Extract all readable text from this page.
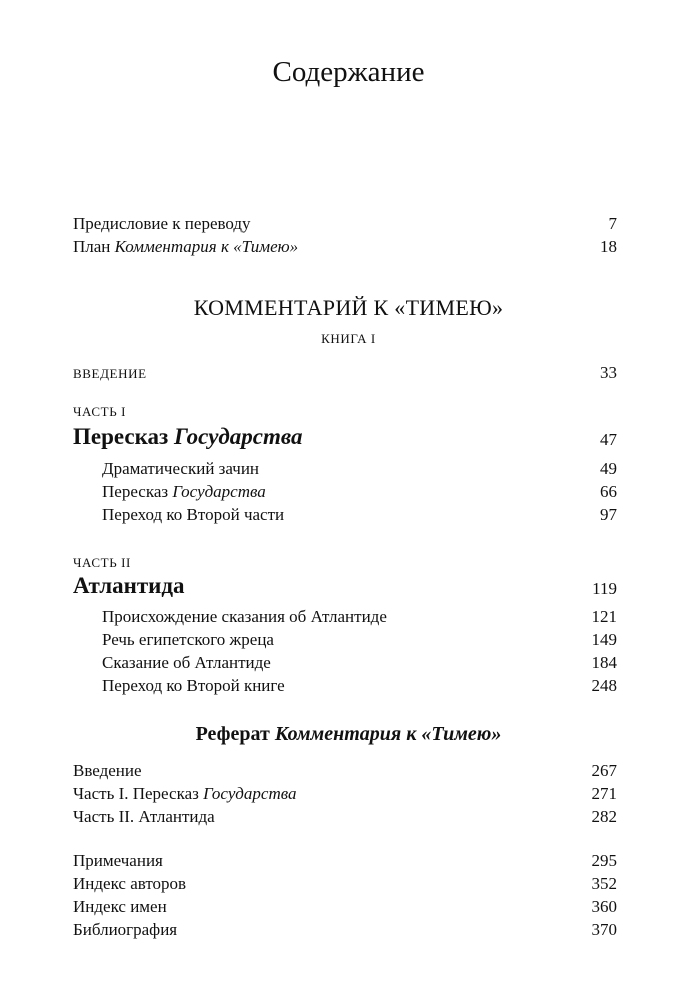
Содержание
Предисловие к переводу	7
План Комментария к «Тимею»	18
КОММЕНТАРИЙ К «ТИМЕЮ»
КНИГА I
ВВЕДЕНИЕ	33
ЧАСТЬ I
Пересказ Государства	47
Драматический зачин	49
Пересказ Государства	66
Переход ко Второй части	97
ЧАСТЬ II
Атлантида	119
Происхождение сказания об Атлантиде	121
Речь египетского жреца	149
Сказание об Атлантиде	184
Переход ко Второй книге	248
Реферат Комментария к «Тимею»
Введение	267
Часть I. Пересказ Государства	271
Часть II. Атлантида	282
Примечания	295
Индекс авторов	352
Индекс имен	360
Библиография	370
